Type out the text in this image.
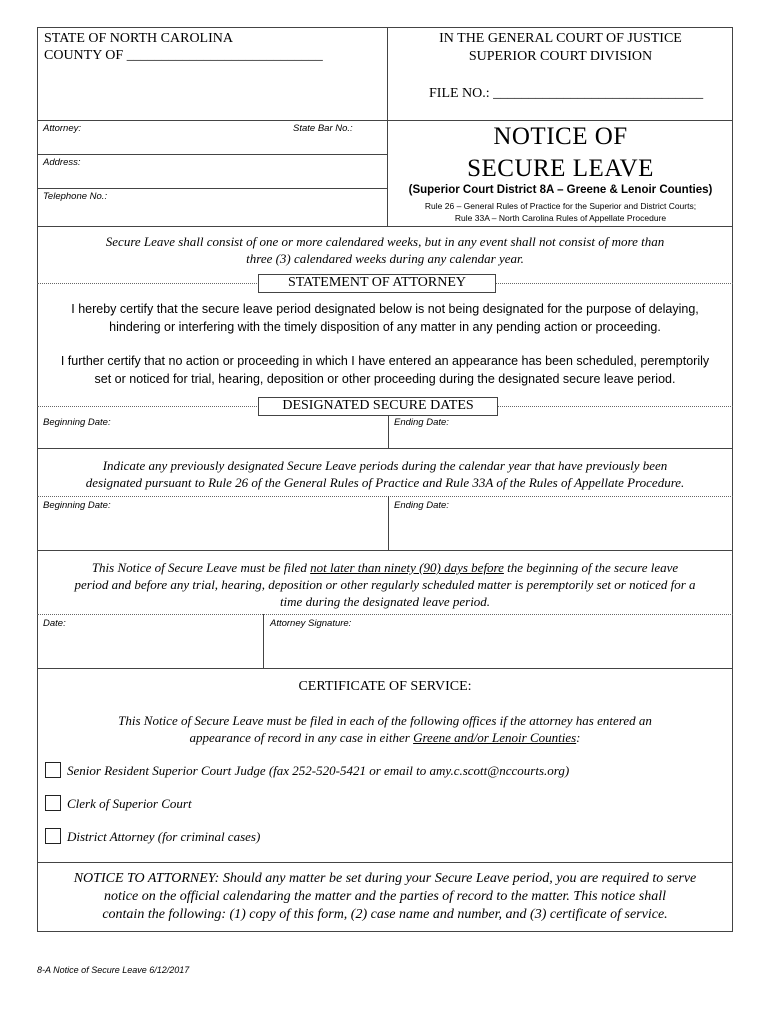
STATE OF NORTH CAROLINA
COUNTY OF ____________________________
IN THE GENERAL COURT OF JUSTICE
SUPERIOR COURT DIVISION
FILE NO.: ______________________________
Attorney:	State Bar No.:
Address:
Telephone No.:
NOTICE OF
SECURE LEAVE
(Superior Court District 8A – Greene & Lenoir Counties)
Rule 26 – General Rules of Practice for the Superior and District Courts;
Rule 33A – North Carolina Rules of Appellate Procedure
Secure Leave shall consist of one or more calendared weeks, but in any event shall not consist of more than
three (3) calendared weeks during any calendar year.
STATEMENT OF ATTORNEY
I hereby certify that the secure leave period designated below is not being designated for the purpose of delaying,
hindering or interfering with the timely disposition of any matter in any pending action or proceeding.
I further certify that no action or proceeding in which I have entered an appearance has been scheduled, peremptorily
set or noticed for trial, hearing, deposition or other proceeding during the designated secure leave period.
DESIGNATED SECURE DATES
Beginning Date:	Ending Date:
Indicate any previously designated Secure Leave periods during the calendar year that have previously been
designated pursuant to Rule 26 of the General Rules of Practice and Rule 33A of the Rules of Appellate Procedure.
Beginning Date:	Ending Date:
This Notice of Secure Leave must be filed not later than ninety (90) days before the beginning of the secure leave
period and before any trial, hearing, deposition or other regularly scheduled matter is peremptorily set or noticed for a
time during the designated leave period.
Date:	Attorney Signature:
CERTIFICATE OF SERVICE:
This Notice of Secure Leave must be filed in each of the following offices if the attorney has entered an
appearance of record in any case in either Greene and/or Lenoir Counties:
Senior Resident Superior Court Judge (fax 252-520-5421 or email to amy.c.scott@nccourts.org)
Clerk of Superior Court
District Attorney (for criminal cases)
NOTICE TO ATTORNEY: Should any matter be set during your Secure Leave period, you are required to serve
notice on the official calendaring the matter and the parties of record to the matter. This notice shall
contain the following: (1) copy of this form, (2) case name and number, and (3) certificate of service.
8-A Notice of Secure Leave 6/12/2017
